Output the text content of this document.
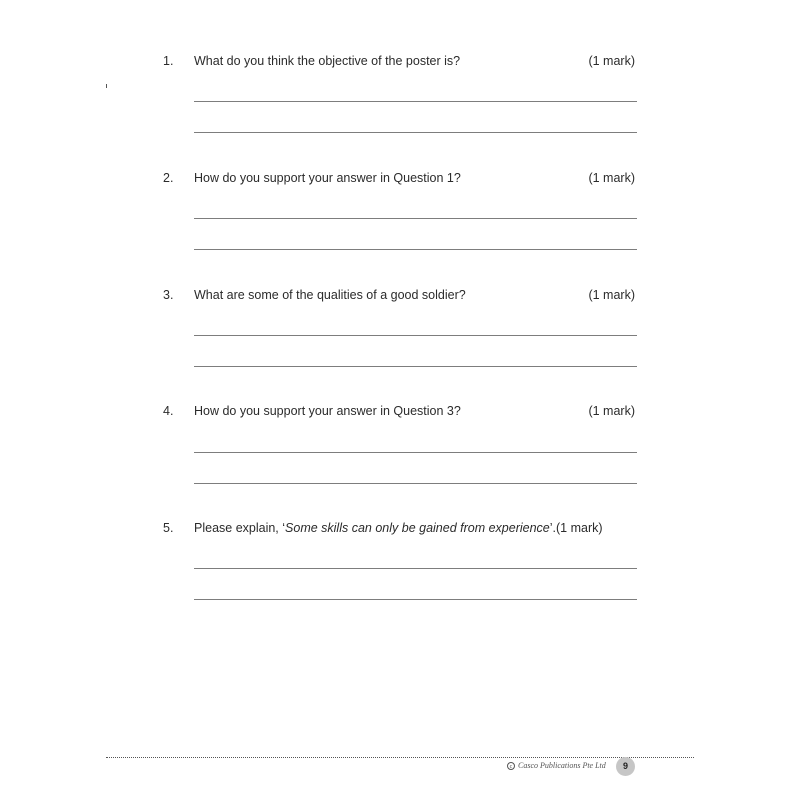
1. What do you think the objective of the poster is?	(1 mark)
2. How do you support your answer in Question 1?	(1 mark)
3. What are some of the qualities of a good soldier?	(1 mark)
4. How do you support your answer in Question 3?	(1 mark)
5. Please explain, ‘Some skills can only be gained from experience’.(1 mark)
c Casco Publications Pte Ltd	9
